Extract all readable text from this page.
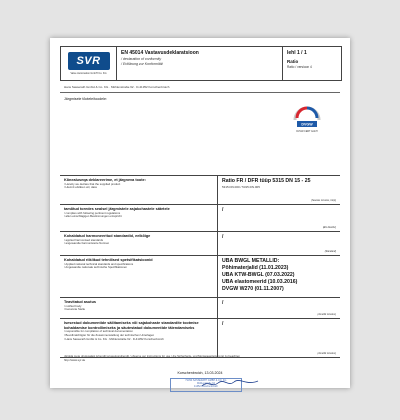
SVR
Valve Automation GmbH Co. KG
EN 45014 Vastavusdeklaratsioon
/ declaration of conformity
/ Erklärung zur Konformität
lehl 1 / 1
Ratio
Ratio / versioon 4
Hans Sasserath GmbH & Co. KG · Mühlenstraße 62 · D-41352 Korschenbroich
Järgmisele tõotele/toodele:
DVGW
DVGW CERT GmbH
Kõnealuseqa deklareerime, et järgneva toote:
/ Hereby we declare that the supplied product
/ Hiermit erklären wir, dass
Ratio FR / DFR tüüp 5315 DN 15 - 25
5315.DN.000 / 5315.DN.005
(Seerias nimetus, tüüp)
tamõtud toredes sealsel järgmistele asjakohastele sätetele
/ complies with following pertinent regulations
/ allen einschlägigen Bestimmungen entspricht
/
(EU direktiv)
Kohaldatud harmoneeritud standardid, eelkõige
/ applied harmonised standards
/ angewandte harmonisierte Normen
/
(Standard)
Kohaldatud riiklikud tehnilised spetsifikatsioonid
/ Applied national technical standards and specifications
/ Angewandte nationale technische Spezifikationen
UBA BWGL METALLID:
Põhimaterjalid (11.01.2023)
UBA KTW-BWGL (07.03.2022)
UBA elastomeerid (10.03.2016)
DVGW W270 (01.11.2007)
Teavitatud asutus
/ notified body
/ benannte Stelle
/
(Ametlik nimetus)
Isesestud dokumentide säilitamiseks või sajakohaste standardite tootmise kohaldamise kontrollimiseks ja säutestatud dokumentide täiendamiseks
/ responsible for compilation of technical documentation
/ Bevollmächtigter für die Zusammenstellung der technischen Unterlagen
/ Hans Sasserath GmbH & Co. KG · Mühlenstraße 62 · D-41352 Korschenbroich
/
(Ametlik nimetus)
Järgida toote ohutusalast juhendit ja kasutusjuhendit / observe our instructions for use / die Sicherheits- und Montageanleitung ist zu beachten
http://www.syr.de
Korschenbroich, 13.03.2024
HANS SASSERATH GMBH & CO. KG
Mühlenstraße 62
41352 Korschenbroich
